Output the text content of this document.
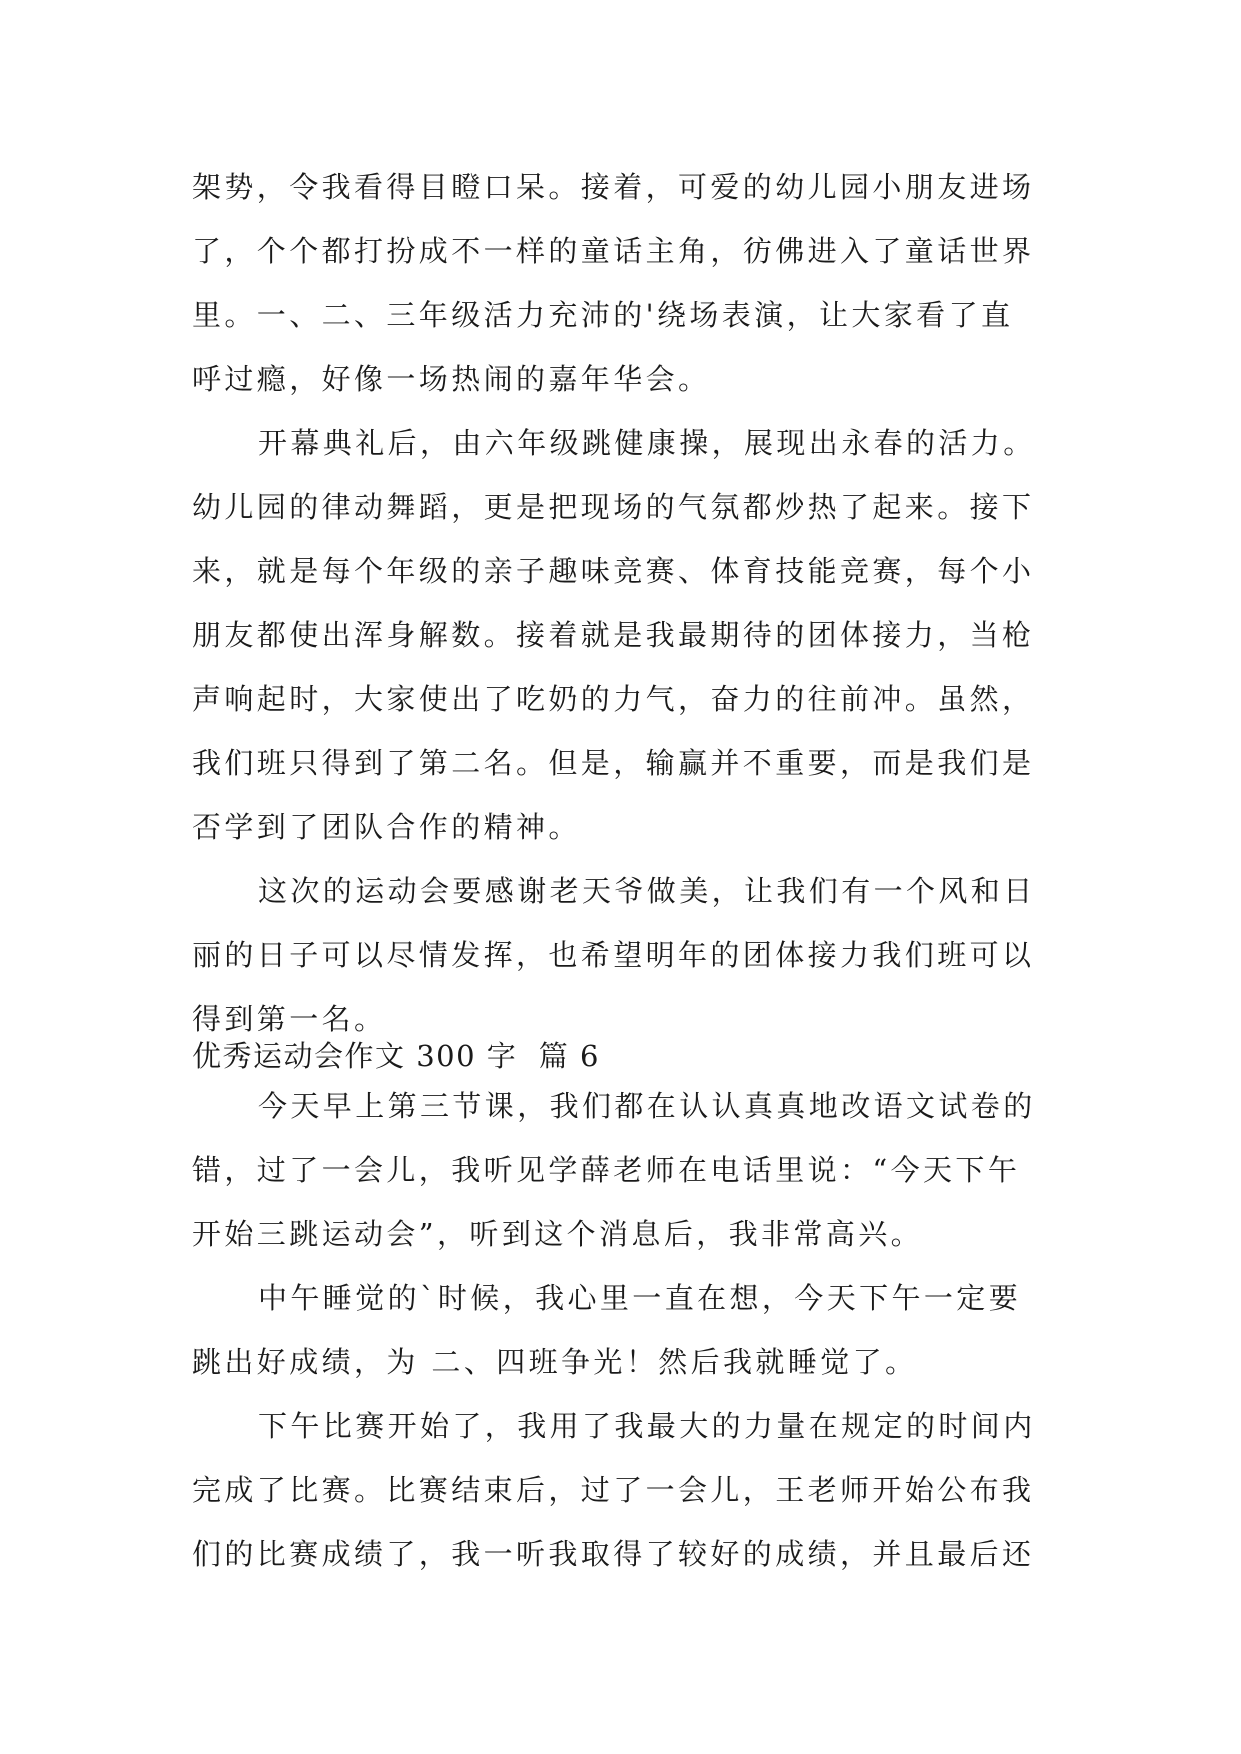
架势，令我看得目瞪口呆。接着，可爱的幼儿园小朋友进场
了，个个都打扮成不一样的童话主角，彷佛进入了童话世界
里。一、二、三年级活力充沛的'绕场表演，让大家看了直
呼过瘾，好像一场热闹的嘉年华会。
开幕典礼后，由六年级跳健康操，展现出永春的活力。
幼儿园的律动舞蹈，更是把现场的气氛都炒热了起来。接下
来，就是每个年级的亲子趣味竞赛、体育技能竞赛，每个小
朋友都使出浑身解数。接着就是我最期待的团体接力，当枪
声响起时，大家使出了吃奶的力气，奋力的往前冲。虽然，
我们班只得到了第二名。但是，输赢并不重要，而是我们是
否学到了团队合作的精神。
这次的运动会要感谢老天爷做美，让我们有一个风和日
丽的日子可以尽情发挥，也希望明年的团体接力我们班可以
得到第一名。
优秀运动会作文 300 字  篇 6
今天早上第三节课，我们都在认认真真地改语文试卷的
错，过了一会儿，我听见学薛老师在电话里说：“今天下午
开始三跳运动会”，听到这个消息后，我非常高兴。
中午睡觉的`时候，我心里一直在想，今天下午一定要
跳出好成绩，为 二、四班争光！然后我就睡觉了。
下午比赛开始了，我用了我最大的力量在规定的时间内
完成了比赛。比赛结束后，过了一会儿，王老师开始公布我
们的比赛成绩了，我一听我取得了较好的成绩，并且最后还
